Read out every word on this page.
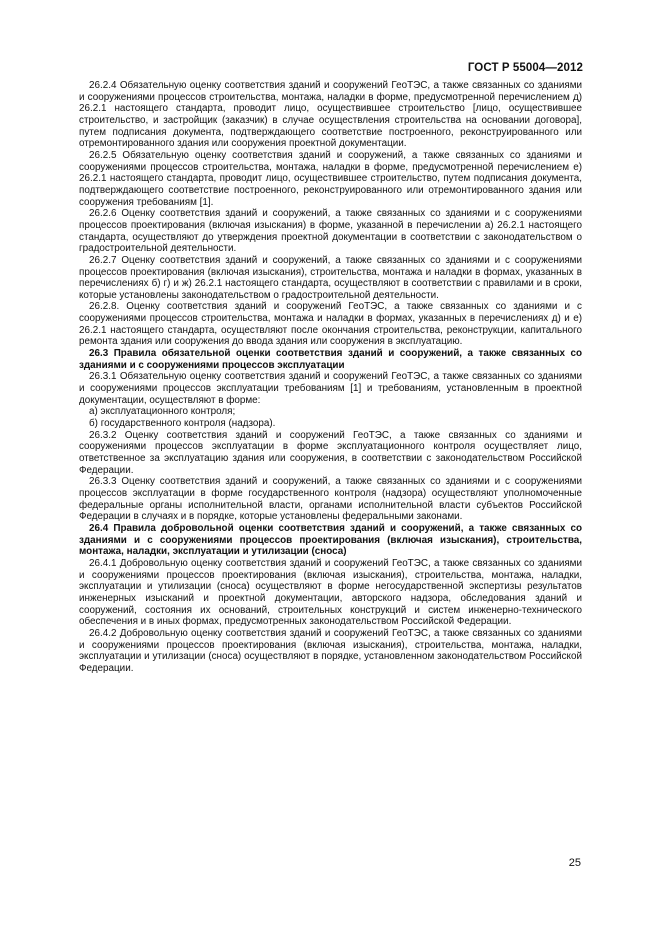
ГОСТ Р 55004—2012

26.2.4 Обязательную оценку соответствия зданий и сооружений ГеоТЭС, а также связанных со зданиями и сооружениями процессов строительства, монтажа, наладки в форме, предусмотренной перечислением д) 26.2.1 настоящего стандарта, проводит лицо, осуществившее строительство [лицо, осуществившее строительство, и застройщик (заказчик) в случае осуществления строительства на основании договора], путем подписания документа, подтверждающего соответствие построенного, реконструированного или отремонтированного здания или сооружения проектной документации.

26.2.5 Обязательную оценку соответствия зданий и сооружений, а также связанных со зданиями и сооружениями процессов строительства, монтажа, наладки в форме, предусмотренной перечислением е) 26.2.1 настоящего стандарта, проводит лицо, осуществившее строительство, путем подписания документа, подтверждающего соответствие построенного, реконструированного или отремонтированного здания или сооружения требованиям [1].

26.2.6 Оценку соответствия зданий и сооружений, а также связанных со зданиями и с сооружениями процессов проектирования (включая изыскания) в форме, указанной в перечислении а) 26.2.1 настоящего стандарта, осуществляют до утверждения проектной документации в соответствии с законодательством о градостроительной деятельности.

26.2.7 Оценку соответствия зданий и сооружений, а также связанных со зданиями и с сооружениями процессов проектирования (включая изыскания), строительства, монтажа и наладки в формах, указанных в перечислениях б) г) и ж) 26.2.1 настоящего стандарта, осуществляют в соответствии с правилами и в сроки, которые установлены законодательством о градостроительной деятельности.

26.2.8. Оценку соответствия зданий и сооружений ГеоТЭС, а также связанных со зданиями и с сооружениями процессов строительства, монтажа и наладки в формах, указанных в перечислениях д) и е) 26.2.1 настоящего стандарта, осуществляют после окончания строительства, реконструкции, капитального ремонта здания или сооружения до ввода здания или сооружения в эксплуатацию.

26.3 Правила обязательной оценки соответствия зданий и сооружений, а также связанных со зданиями и с сооружениями процессов эксплуатации

26.3.1 Обязательную оценку соответствия зданий и сооружений ГеоТЭС, а также связанных со зданиями и сооружениями процессов эксплуатации требованиям [1] и требованиям, установленным в проектной документации, осуществляют в форме:

а) эксплуатационного контроля;

б) государственного контроля (надзора).

26.3.2 Оценку соответствия зданий и сооружений ГеоТЭС, а также связанных со зданиями и сооружениями процессов эксплуатации в форме эксплуатационного контроля осуществляет лицо, ответственное за эксплуатацию здания или сооружения, в соответствии с законодательством Российской Федерации.

26.3.3 Оценку соответствия зданий и сооружений, а также связанных со зданиями и с сооружениями процессов эксплуатации в форме государственного контроля (надзора) осуществляют уполномоченные федеральные органы исполнительной власти, органами исполнительной власти субъектов Российской Федерации в случаях и в порядке, которые установлены федеральными законами.

26.4 Правила добровольной оценки соответствия зданий и сооружений, а также связанных со зданиями и с сооружениями процессов проектирования (включая изыскания), строительства, монтажа, наладки, эксплуатации и утилизации (сноса)

26.4.1 Добровольную оценку соответствия зданий и сооружений ГеоТЭС, а также связанных со зданиями и сооружениями процессов проектирования (включая изыскания), строительства, монтажа, наладки, эксплуатации и утилизации (сноса) осуществляют в форме негосударственной экспертизы результатов инженерных изысканий и проектной документации, авторского надзора, обследования зданий и сооружений, состояния их оснований, строительных конструкций и систем инженерно-технического обеспечения и в иных формах, предусмотренных законодательством Российской Федерации.

26.4.2 Добровольную оценку соответствия зданий и сооружений ГеоТЭС, а также связанных со зданиями и сооружениями процессов проектирования (включая изыскания), строительства, монтажа, наладки, эксплуатации и утилизации (сноса) осуществляют в порядке, установленном законодательством Российской Федерации.

25
